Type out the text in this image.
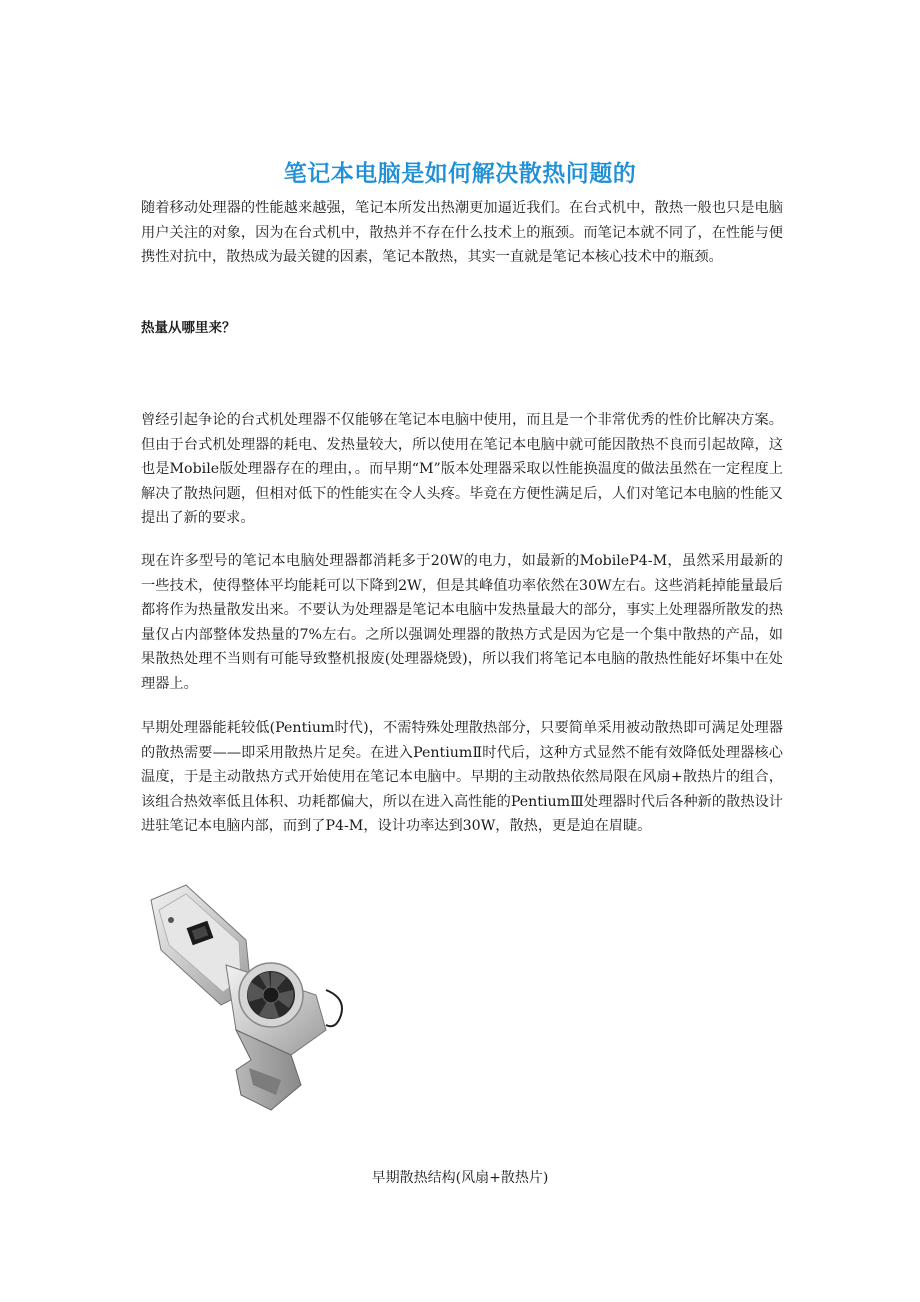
笔记本电脑是如何解决散热问题的

随着移动处理器的性能越来越强，笔记本所发出热潮更加逼近我们。在台式机中，散热一般也只是电脑用户关注的对象，因为在台式机中，散热并不存在什么技术上的瓶颈。而笔记本就不同了，在性能与便携性对抗中，散热成为最关键的因素，笔记本散热，其实一直就是笔记本核心技术中的瓶颈。

热量从哪里来？

曾经引起争论的台式机处理器不仅能够在笔记本电脑中使用，而且是一个非常优秀的性价比解决方案。但由于台式机处理器的耗电、发热量较大，所以使用在笔记本电脑中就可能因散热不良而引起故障，这也是Mobile版处理器存在的理由，。而早期“M”版本处理器采取以性能换温度的做法虽然在一定程度上解决了散热问题，但相对低下的性能实在令人头疼。毕竟在方便性满足后，人们对笔记本电脑的性能又提出了新的要求。

现在许多型号的笔记本电脑处理器都消耗多于20W的电力，如最新的MobileP4-M，虽然采用最新的一些技术，使得整体平均能耗可以下降到2W，但是其峰值功率依然在30W左右。这些消耗掉能量最后都将作为热量散发出来。不要认为处理器是笔记本电脑中发热量最大的部分，事实上处理器所散发的热量仅占内部整体发热量的7%左右。之所以强调处理器的散热方式是因为它是一个集中散热的产品，如果散热处理不当则有可能导致整机报废(处理器烧毁)，所以我们将笔记本电脑的散热性能好坏集中在处理器上。

早期处理器能耗较低(Pentium时代)，不需特殊处理散热部分，只要简单采用被动散热即可满足处理器的散热需要——即采用散热片足矣。在进入PentiumⅡ时代后，这种方式显然不能有效降低处理器核心温度，于是主动散热方式开始使用在笔记本电脑中。早期的主动散热依然局限在风扇+散热片的组合，该组合热效率低且体积、功耗都偏大，所以在进入高性能的PentiumⅢ处理器时代后各种新的散热设计进驻笔记本电脑内部，而到了P4-M，设计功率达到30W，散热，更是迫在眉睫。

早期散热结构(风扇+散热片)
